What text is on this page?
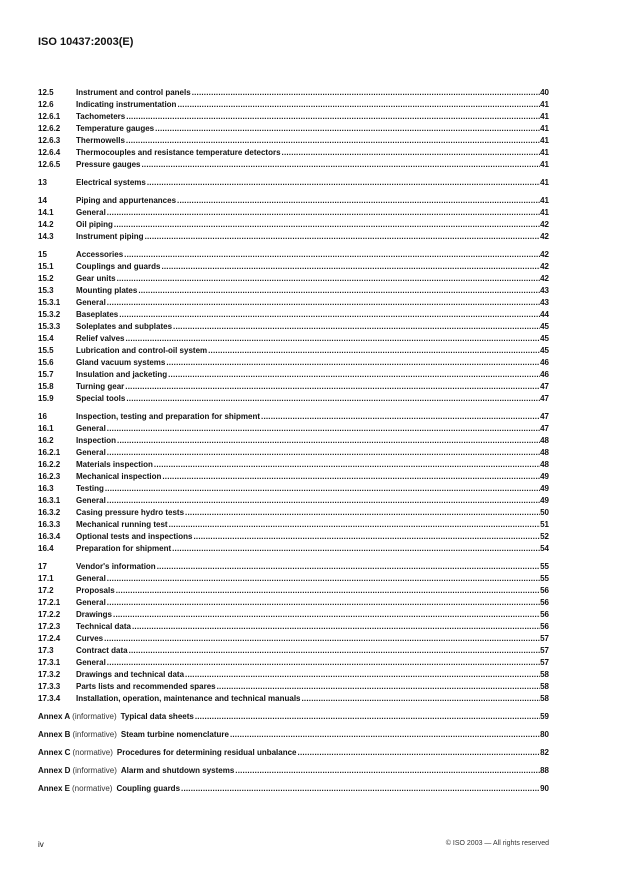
ISO 10437:2003(E)
12.5	Instrument and control panels .....	40
12.6	Indicating instrumentation .....	41
12.6.1	Tachometers .....	41
12.6.2	Temperature gauges .....	41
12.6.3	Thermowells .....	41
12.6.4	Thermocouples and resistance temperature detectors .....	41
12.6.5	Pressure gauges .....	41
13	Electrical systems .....	41
14	Piping and appurtenances .....	41
14.1	General .....	41
14.2	Oil piping .....	42
14.3	Instrument piping .....	42
15	Accessories .....	42
15.1	Couplings and guards .....	42
15.2	Gear units .....	42
15.3	Mounting plates .....	43
15.3.1	General .....	43
15.3.2	Baseplates .....	44
15.3.3	Soleplates and subplates .....	45
15.4	Relief valves .....	45
15.5	Lubrication and control-oil system .....	45
15.6	Gland vacuum systems .....	46
15.7	Insulation and jacketing .....	46
15.8	Turning gear .....	47
15.9	Special tools .....	47
16	Inspection, testing and preparation for shipment .....	47
16.1	General .....	47
16.2	Inspection .....	48
16.2.1	General .....	48
16.2.2	Materials inspection .....	48
16.2.3	Mechanical inspection .....	49
16.3	Testing .....	49
16.3.1	General .....	49
16.3.2	Casing pressure hydro tests .....	50
16.3.3	Mechanical running test .....	51
16.3.4	Optional tests and inspections .....	52
16.4	Preparation for shipment .....	54
17	Vendor's information .....	55
17.1	General .....	55
17.2	Proposals .....	56
17.2.1	General .....	56
17.2.2	Drawings .....	56
17.2.3	Technical data .....	56
17.2.4	Curves .....	57
17.3	Contract data .....	57
17.3.1	General .....	57
17.3.2	Drawings and technical data .....	58
17.3.3	Parts lists and recommended spares .....	58
17.3.4	Installation, operation, maintenance and technical manuals .....	58
Annex A (informative) Typical data sheets .....	59
Annex B (informative) Steam turbine nomenclature .....	80
Annex C (normative) Procedures for determining residual unbalance .....	82
Annex D (informative) Alarm and shutdown systems .....	88
Annex E (normative) Coupling guards .....	90
iv	© ISO 2003 — All rights reserved
